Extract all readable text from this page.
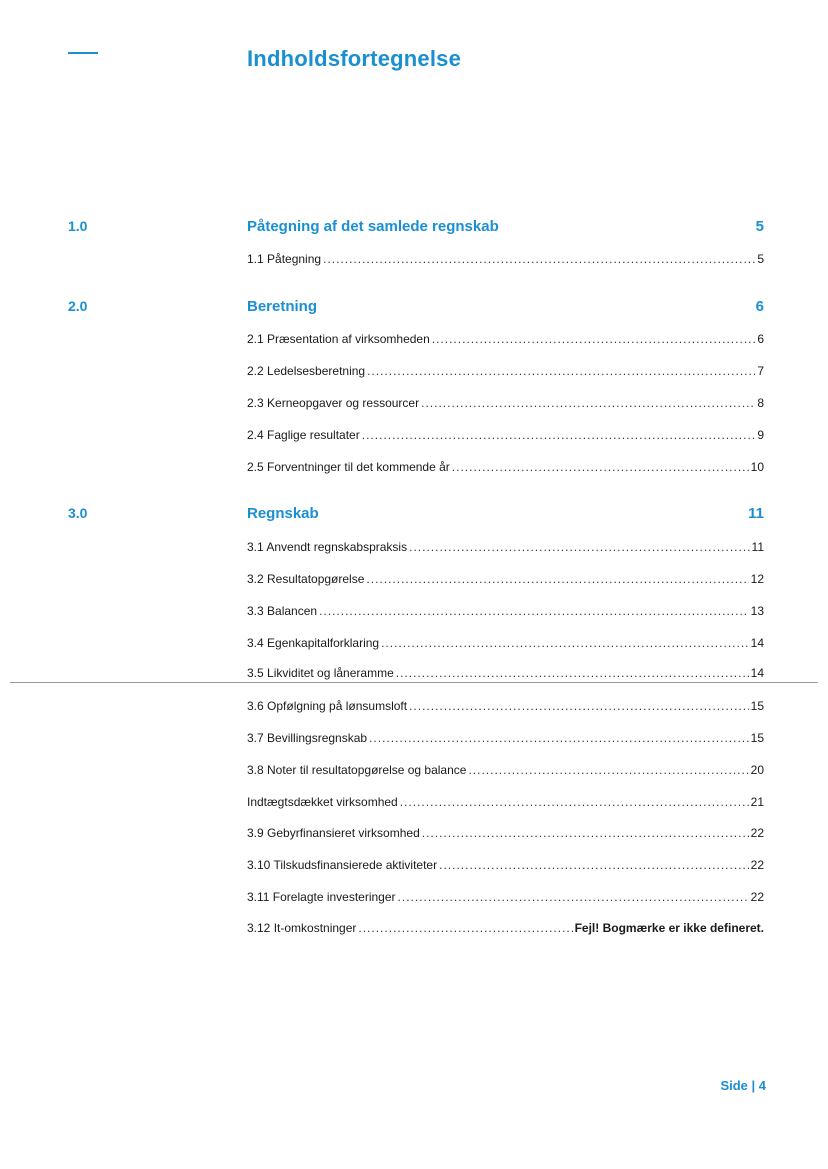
Indholdsfortegnelse
1.0	Påtegning af det samlede regnskab	5
1.1 Påtegning .....	5
2.0	Beretning	6
2.1 Præsentation af virksomheden .....	6
2.2 Ledelsesberetning .....	7
2.3 Kerneopgaver og ressourcer .....	8
2.4 Faglige resultater .....	9
2.5 Forventninger til det kommende år .....	10
3.0	Regnskab	11
3.1 Anvendt regnskabspraksis .....	11
3.2 Resultatopgørelse .....	12
3.3 Balancen .....	13
3.4 Egenkapitalforklaring .....	14
3.5 Likviditet og låneramme .....	14
3.6 Opfølgning på lønsumsloft .....	15
3.7 Bevillingsregnskab .....	15
3.8 Noter til resultatopgørelse og balance .....	20
Indtægtsdækket virksomhed .....	21
3.9 Gebyrfinansieret virksomhed .....	22
3.10 Tilskudsfinansierede aktiviteter .....	22
3.11 Forelagte investeringer .....	22
3.12 It-omkostninger .....	Fejl! Bogmærke er ikke defineret.
Side | 4
